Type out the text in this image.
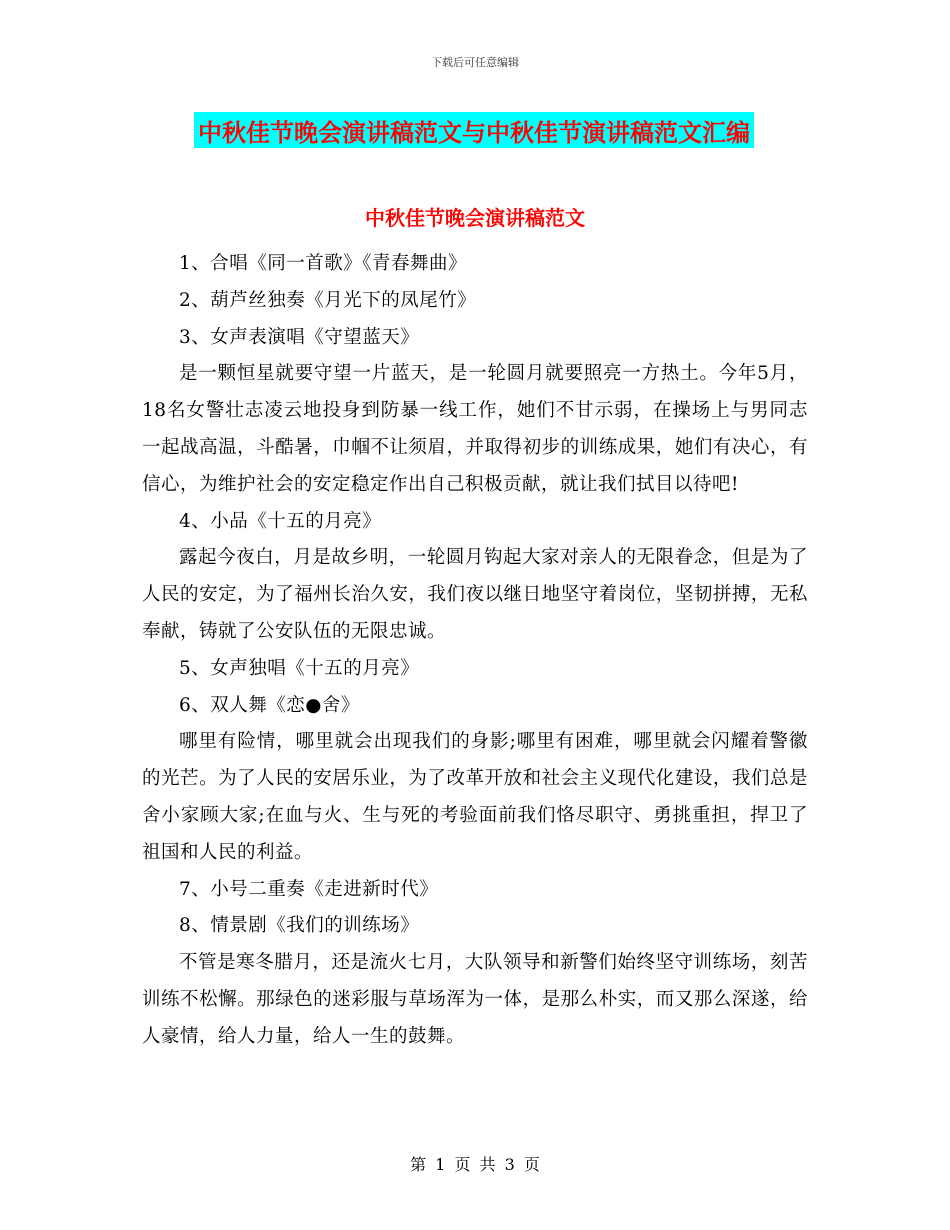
下载后可任意编辑
中秋佳节晚会演讲稿范文与中秋佳节演讲稿范文汇编
中秋佳节晚会演讲稿范文

1、合唱《同一首歌》《青春舞曲》

2、葫芦丝独奏《月光下的凤尾竹》

3、女声表演唱《守望蓝天》

是一颗恒星就要守望一片蓝天，是一轮圆月就要照亮一方热土。今年5月，18名女警壮志凌云地投身到防暴一线工作，她们不甘示弱，在操场上与男同志一起战高温，斗酷暑，巾帼不让须眉，并取得初步的训练成果，她们有决心，有信心，为维护社会的安定稳定作出自己积极贡献，就让我们拭目以待吧!

4、小品《十五的月亮》

露起今夜白，月是故乡明，一轮圆月钩起大家对亲人的无限眷念，但是为了人民的安定，为了福州长治久安，我们夜以继日地坚守着岗位，坚韧拼搏，无私奉献，铸就了公安队伍的无限忠诚。

5、女声独唱《十五的月亮》

6、双人舞《恋●舍》

哪里有险情，哪里就会出现我们的身影;哪里有困难，哪里就会闪耀着警徽的光芒。为了人民的安居乐业，为了改革开放和社会主义现代化建设，我们总是舍小家顾大家;在血与火、生与死的考验面前我们恪尽职守、勇挑重担，捍卫了祖国和人民的利益。

7、小号二重奏《走进新时代》

8、情景剧《我们的训练场》

不管是寒冬腊月，还是流火七月，大队领导和新警们始终坚守训练场，刻苦训练不松懈。那绿色的迷彩服与草场浑为一体，是那么朴实，而又那么深遂，给人豪情，给人力量，给人一生的鼓舞。

第 1 页 共 3 页
